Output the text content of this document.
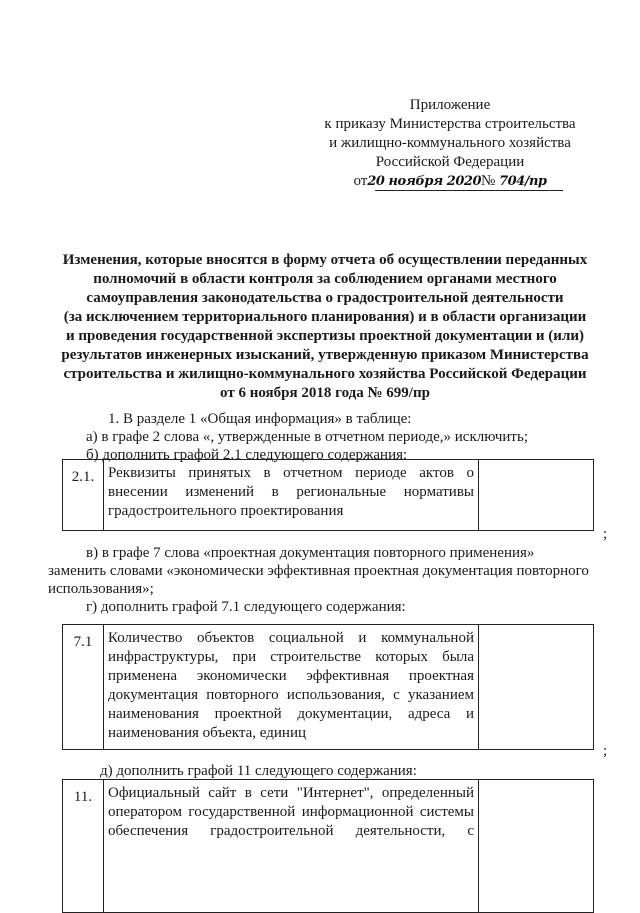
Приложение
к приказу Министерства строительства
и жилищно-коммунального хозяйства
Российской Федерации
от20 ноября 2020№ 704/пр
Изменения, которые вносятся в форму отчета об осуществлении переданных
полномочий в области контроля за соблюдением органами местного
самоуправления законодательства о градостроительной деятельности
(за исключением территориального планирования) и в области организации
и проведения государственной экспертизы проектной документации и (или)
результатов инженерных изысканий, утвержденную приказом Министерства
строительства и жилищно-коммунального хозяйства Российской Федерации
от 6 ноября 2018 года № 699/пр
1. В разделе 1 «Общая информация» в таблице:
а) в графе 2 слова «, утвержденные в отчетном периоде,» исключить;
б) дополнить графой 2.1 следующего содержания:
2.1.	Реквизиты принятых в отчетном периоде актов о
внесении изменений в региональные нормативы
градостроительного проектирования

;
в) в графе 7 слова «проектная документация повторного применения»
заменить словами «экономически эффективная проектная документация повторного
использования»;
г) дополнить графой 7.1 следующего содержания:
7.1	Количество объектов социальной и коммунальной
инфраструктуры, при строительстве которых была
применена экономически эффективная проектная
документация повторного использования, с указанием
наименования проектной документации, адреса и
наименования объекта, единиц

;
д) дополнить графой 11 следующего содержания:
11.	Официальный сайт в сети "Интернет", определенный
оператором государственной информационной системы
обеспечения градостроительной деятельности, с
